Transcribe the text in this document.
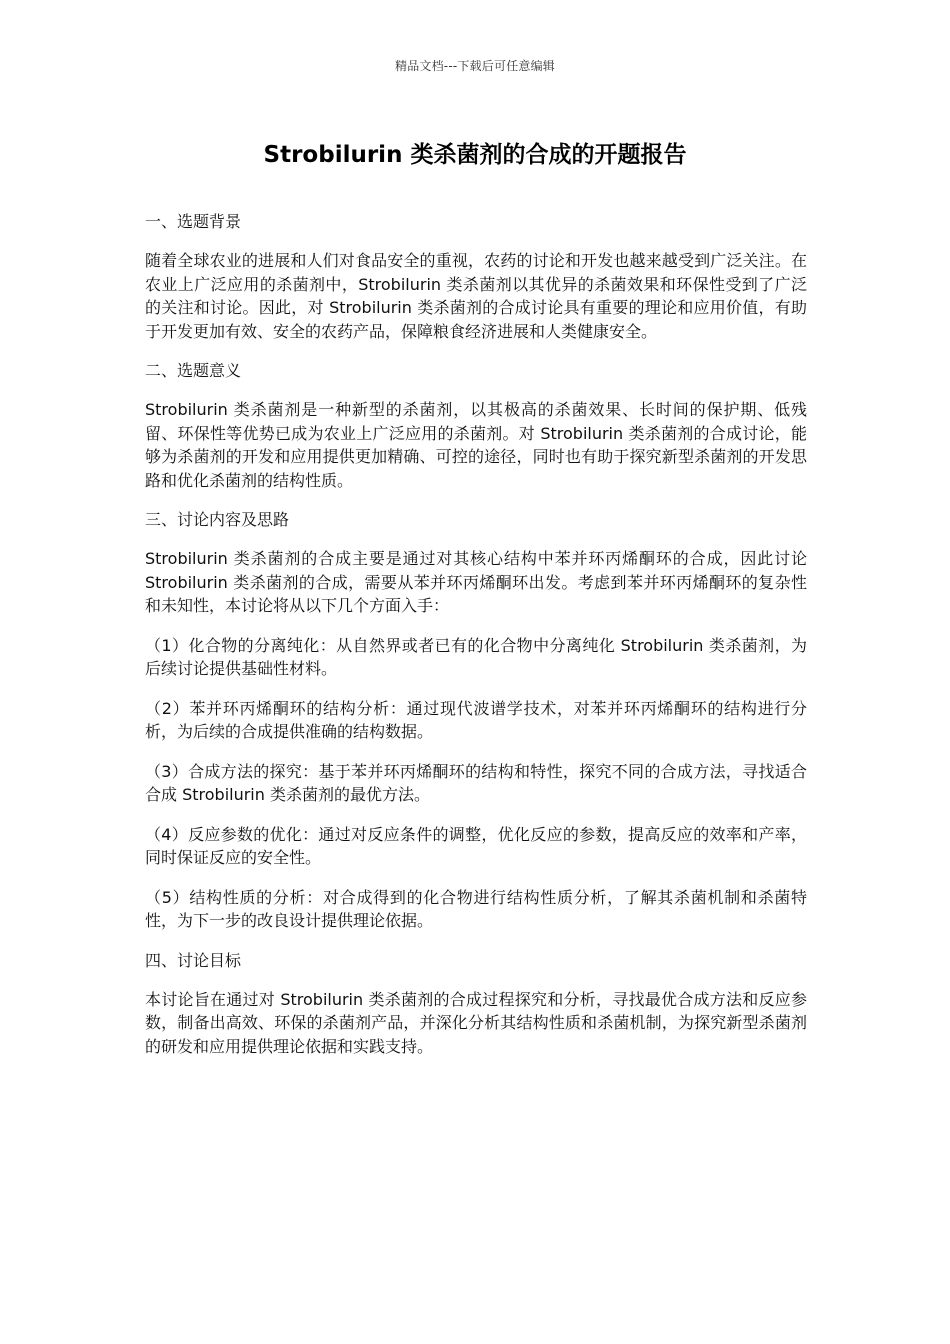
精品文档---下载后可任意编辑
Strobilurin 类杀菌剂的合成的开题报告

一、选题背景

随着全球农业的进展和人们对食品安全的重视，农药的讨论和开发也越来越受到广泛关注。在农业上广泛应用的杀菌剂中，Strobilurin 类杀菌剂以其优异的杀菌效果和环保性受到了广泛的关注和讨论。因此，对 Strobilurin 类杀菌剂的合成讨论具有重要的理论和应用价值，有助于开发更加有效、安全的农药产品，保障粮食经济进展和人类健康安全。

二、选题意义

Strobilurin 类杀菌剂是一种新型的杀菌剂，以其极高的杀菌效果、长时间的保护期、低残留、环保性等优势已成为农业上广泛应用的杀菌剂。对 Strobilurin 类杀菌剂的合成讨论，能够为杀菌剂的开发和应用提供更加精确、可控的途径，同时也有助于探究新型杀菌剂的开发思路和优化杀菌剂的结构性质。

三、讨论内容及思路

Strobilurin 类杀菌剂的合成主要是通过对其核心结构中苯并环丙烯酮环的合成，因此讨论 Strobilurin 类杀菌剂的合成，需要从苯并环丙烯酮环出发。考虑到苯并环丙烯酮环的复杂性和未知性，本讨论将从以下几个方面入手：

（1）化合物的分离纯化：从自然界或者已有的化合物中分离纯化 Strobilurin 类杀菌剂，为后续讨论提供基础性材料。

（2）苯并环丙烯酮环的结构分析：通过现代波谱学技术，对苯并环丙烯酮环的结构进行分析，为后续的合成提供准确的结构数据。

（3）合成方法的探究：基于苯并环丙烯酮环的结构和特性，探究不同的合成方法，寻找适合合成 Strobilurin 类杀菌剂的最优方法。

（4）反应参数的优化：通过对反应条件的调整，优化反应的参数，提高反应的效率和产率，同时保证反应的安全性。

（5）结构性质的分析：对合成得到的化合物进行结构性质分析，了解其杀菌机制和杀菌特性，为下一步的改良设计提供理论依据。

四、讨论目标

本讨论旨在通过对 Strobilurin 类杀菌剂的合成过程探究和分析，寻找最优合成方法和反应参数，制备出高效、环保的杀菌剂产品，并深化分析其结构性质和杀菌机制，为探究新型杀菌剂的研发和应用提供理论依据和实践支持。
